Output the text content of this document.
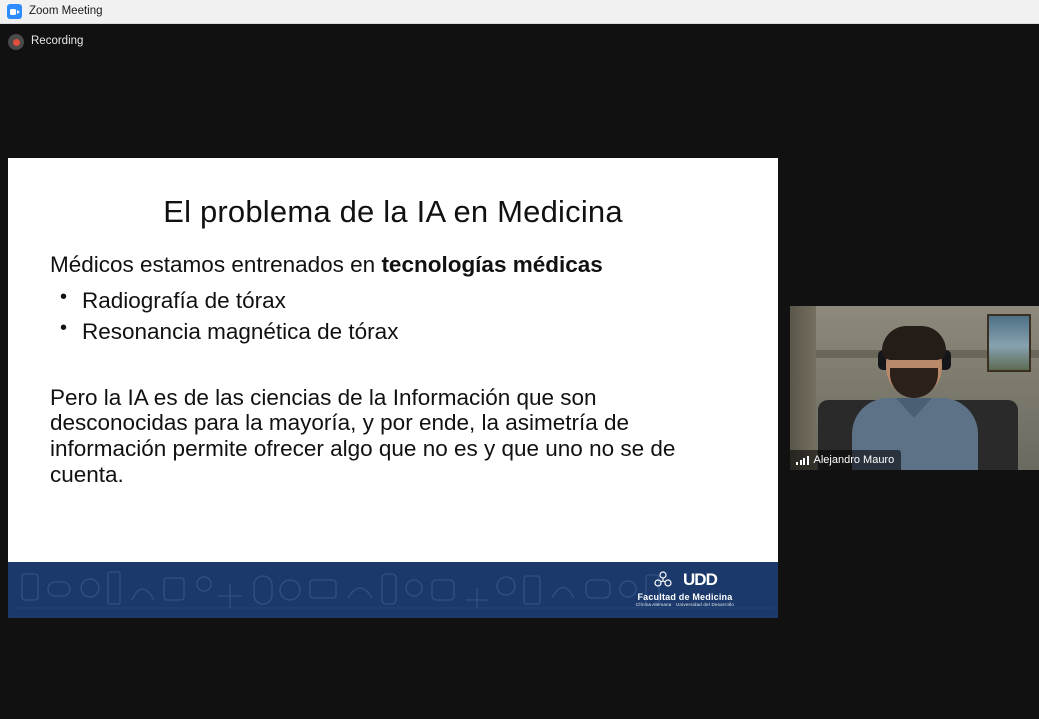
Zoom Meeting
Recording
El problema de la IA en Medicina

Médicos estamos entrenados en tecnologías médicas

• Radiografía de tórax
• Resonancia magnética de tórax

Pero la IA es de las ciencias de la Información que son desconocidas para la mayoría, y por ende, la asimetría de información permite ofrecer algo que no es y que uno no se de cuenta.

UDD
Facultad de Medicina
Clínica Alemana · Universidad del Desarrollo
Alejandro Mauro
